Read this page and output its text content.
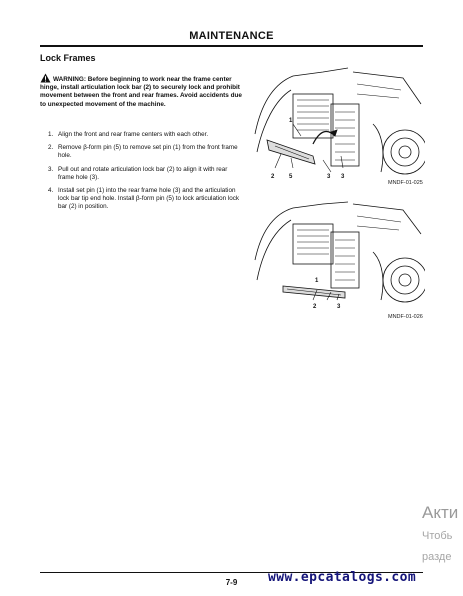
MAINTENANCE
Lock Frames
WARNING: Before beginning to work near the frame center hinge, install articulation lock bar (2) to securely lock and prohibit movement between the front and rear frames. Avoid accidents due to unexpected movement of the machine.
1. Align the front and rear frame centers with each other.
2. Remove β-form pin (5) to remove set pin (1) from the front frame hole.
3. Pull out and rotate articulation lock bar (2) to align it with rear frame hole (3).
4. Install set pin (1) into the rear frame hole (3) and the articulation lock bar tip end hole. Install β-form pin (5) to lock articulation lock bar (2) in position.
1
2 5	3
3
MNDF-01-025
1
2	3
MNDF-01-026
Акти
Чтобь
разде
7-9	www.epcatalogs.com
